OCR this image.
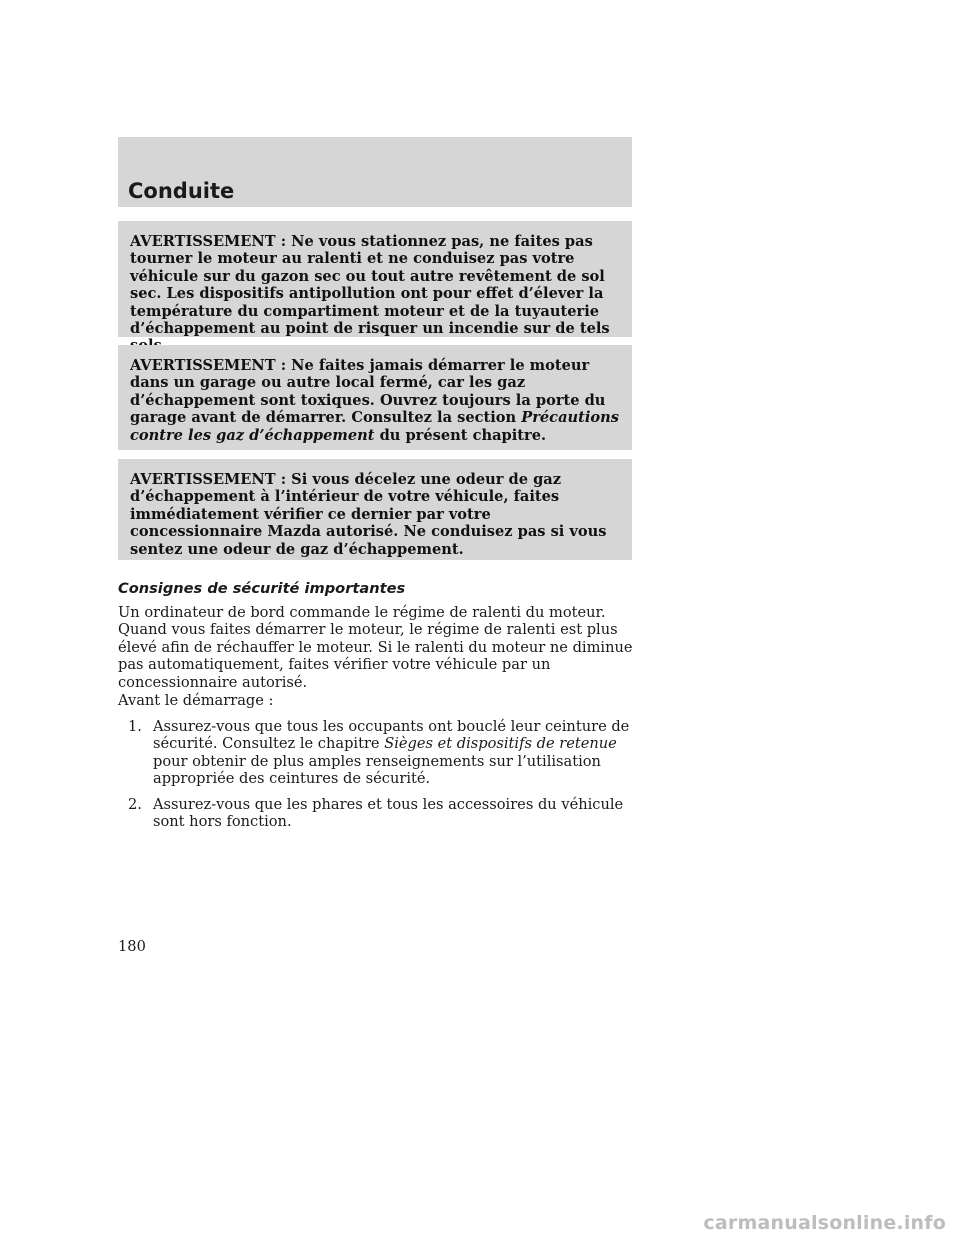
Conduite

AVERTISSEMENT : Ne vous stationnez pas, ne faites pas tourner le moteur au ralenti et ne conduisez pas votre véhicule sur du gazon sec ou tout autre revêtement de sol sec. Les dispositifs antipollution ont pour effet d’élever la température du compartiment moteur et de la tuyauterie d’échappement au point de risquer un incendie sur de tels

AVERTISSEMENT : Ne faites jamais démarrer le moteur dans un garage ou autre local fermé, car les gaz d’échappement sont toxiques. Ouvrez toujours la porte du garage avant de démarrer. Consultez la section Précautions contre les gaz d’échappement du présent chapitre.

AVERTISSEMENT : Si vous décelez une odeur de gaz d’échappement à l’intérieur de votre véhicule, faites immédiatement vérifier ce dernier par votre concessionnaire Mazda autorisé. Ne conduisez pas si vous sentez une odeur de gaz d’échappement.

Consignes de sécurité importantes

Un ordinateur de bord commande le régime de ralenti du moteur. Quand vous faites démarrer le moteur, le régime de ralenti est plus élevé afin de réchauffer le moteur. Si le ralenti du moteur ne diminue pas automatiquement, faites vérifier votre véhicule par un concessionnaire autorisé.

Avant le démarrage :

1. Assurez-vous que tous les occupants ont bouclé leur ceinture de sécurité. Consultez le chapitre Sièges et dispositifs de retenue pour obtenir de plus amples renseignements sur l’utilisation appropriée des ceintures de sécurité.
2. Assurez-vous que les phares et tous les accessoires du véhicule sont hors fonction.

180

carmanualsonline.info
